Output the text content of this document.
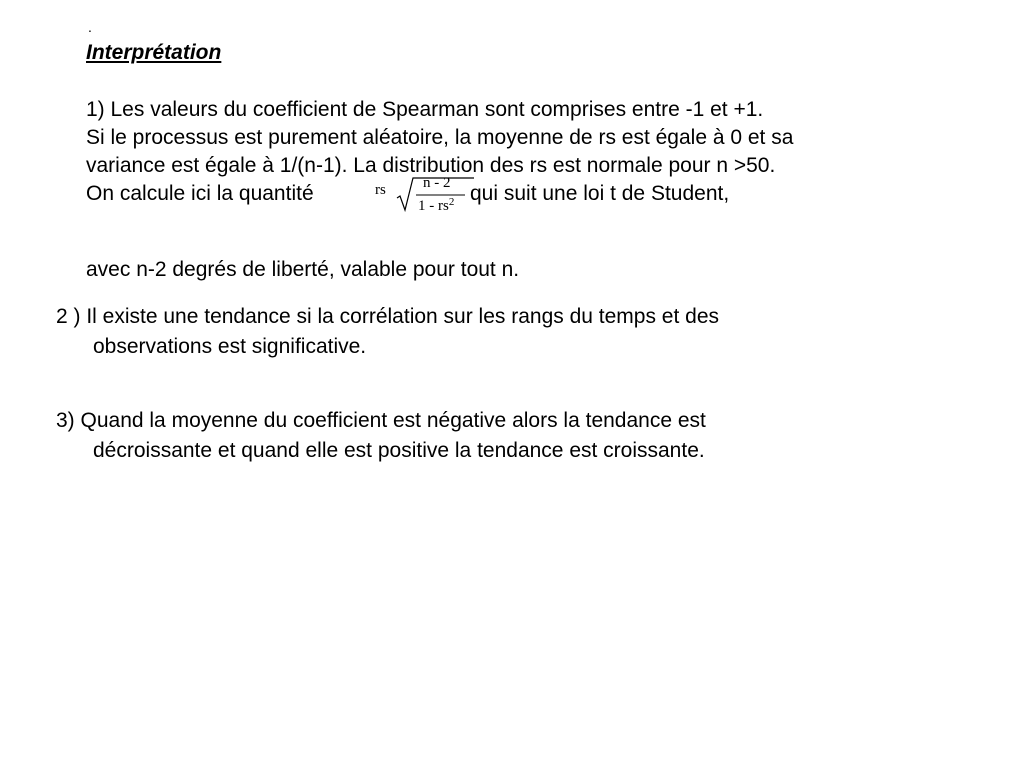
.
Interprétation
1) Les valeurs du coefficient de Spearman sont comprises entre -1 et +1.
Si le processus est purement aléatoire, la moyenne de rs est égale à 0 et sa
variance est égale à 1/(n-1). La distribution des rs est normale pour n >50.
On calcule ici la quantité	rs n - 2
$1 - rs^2$ qui suit une loi t de Student,
avec n-2 degrés de liberté, valable pour tout n.
2 ) Il existe une tendance si la corrélation sur les rangs du temps et des
observations est significative.
3) Quand la moyenne du coefficient est négative alors la tendance est
décroissante et quand elle est positive la tendance est croissante.
